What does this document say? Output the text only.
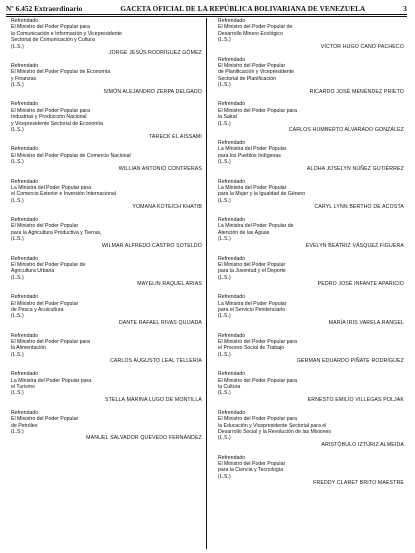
Nº 6.452 Extraordinario	GACETA OFICIAL DE LA REPÚBLICA BOLIVARIANA DE VENEZUELA	3
Refrendado
El Ministro del Poder Popular para
la Comunicación e Información y Vicepresidente
Sectorial de Comunicación y Cultura
(L.S.)
JORGE JESÚS RODRÍGUEZ GÓMEZ
Refrendado
El Ministro del Poder Popular de Economía
y Finanzas
(L.S.)
SIMÓN ALEJANDRO ZERPA DELGADO
Refrendado
El Ministro del Poder Popular para
Industrias y Producción Nacional
y Vicepresidente Sectorial de Economía
(L.S.)
TARECK EL AISSAMI
Refrendado
El Ministro del Poder Popular de Comercio Nacional
(L.S.)
WILLIAN ANTONIO CONTRERAS
Refrendado
La Ministra del Poder Popular para
el Comercio Exterior e Inversión Internacional
(L.S.)
YOMANA KOTEICH KHATIB
Refrendado
El Ministro del Poder Popular
para la Agricultura Productiva y Tierras,
(L.S.)
WILMAR ALFREDO CASTRO SOTELDO
Refrendado
El Ministro del Poder Popular de
Agricultura Urbana
(L.S.)
MAYELIN RAQUEL ARIAS
Refrendado
El Ministro del Poder Popular
de Pesca y Acuicultura
(L.S.)
DANTE RAFAEL RIVAS QUIJADA
Refrendado
El Ministro del Poder Popular para
la Alimentación
(L.S.)
CARLOS AUGUSTO LEAL TELLERÍA
Refrendado
La Ministra del Poder Popular para
el Turismo
(L.S.)
STELLA MARINA LUGO DE MONTILLA
Refrendado
El Ministro del Poder Popular
de Petróleo
(L.S.)
MANUEL SALVADOR QUEVEDO FERNÁNDEZ
Refrendado
El Ministro del Poder Popular de
Desarrollo Minero Ecológico
(L.S.)
VÍCTOR HUGO CANO PACHECO
Refrendado
El Ministro del Poder Popular
de Planificación y Vicepresidente
Sectorial de Planificación
(L.S.)
RICARDO JOSÉ MENÉNDEZ PRIETO
Refrendado
El Ministro del Poder Popular para
la Salud
(L.S.)
CARLOS HUMBERTO ALVARADO GONZÁLEZ
Refrendado
La Ministra del Poder Popular
para los Pueblos Indígenas
(L.S.)
ALOHA JOSELYN NÚÑEZ GUTIÉRREZ
Refrendado
La Ministra del Poder Popular
para la Mujer y la Igualdad de Género
(L.S.)
CARYL LYNN BERTHO DE ACOSTA
Refrendado
La Ministra del Poder Popular de
Atención de las Aguas
(L.S.)
EVELYN BEATRIZ VÁSQUEZ FIGUERA
Refrendado
El Ministro del Poder Popular
para la Juventud y el Deporte
(L.S.)
PEDRO JOSÉ INFANTE APARICIO
Refrendado
La Ministra del Poder Popular
para el Servicio Penitenciario
(L.S.)
MARÍA IRIS VARELA RANGEL
Refrendado
El Ministro del Poder Popular para
el Proceso Social de Trabajo
(L.S.)
GERMAN EDUARDO PIÑATE RODRÍGUEZ
Refrendado
El Ministro del Poder Popular para
la Cultura
(L.S.)
ERNESTO EMILIO VILLEGAS POLJAK
Refrendado
El Ministro del Poder Popular para
la Educación y Vicepresidente Sectorial para el
Desarrollo Social y la Revolución de las Misiones
(L.S.)
ARISTÓBULO IZTÚRIZ ALMEIDA
Refrendado
El Ministro del Poder Popular
para la Ciencia y Tecnología
(L.S.)
FREDDY CLARET BRITO MAESTRE
